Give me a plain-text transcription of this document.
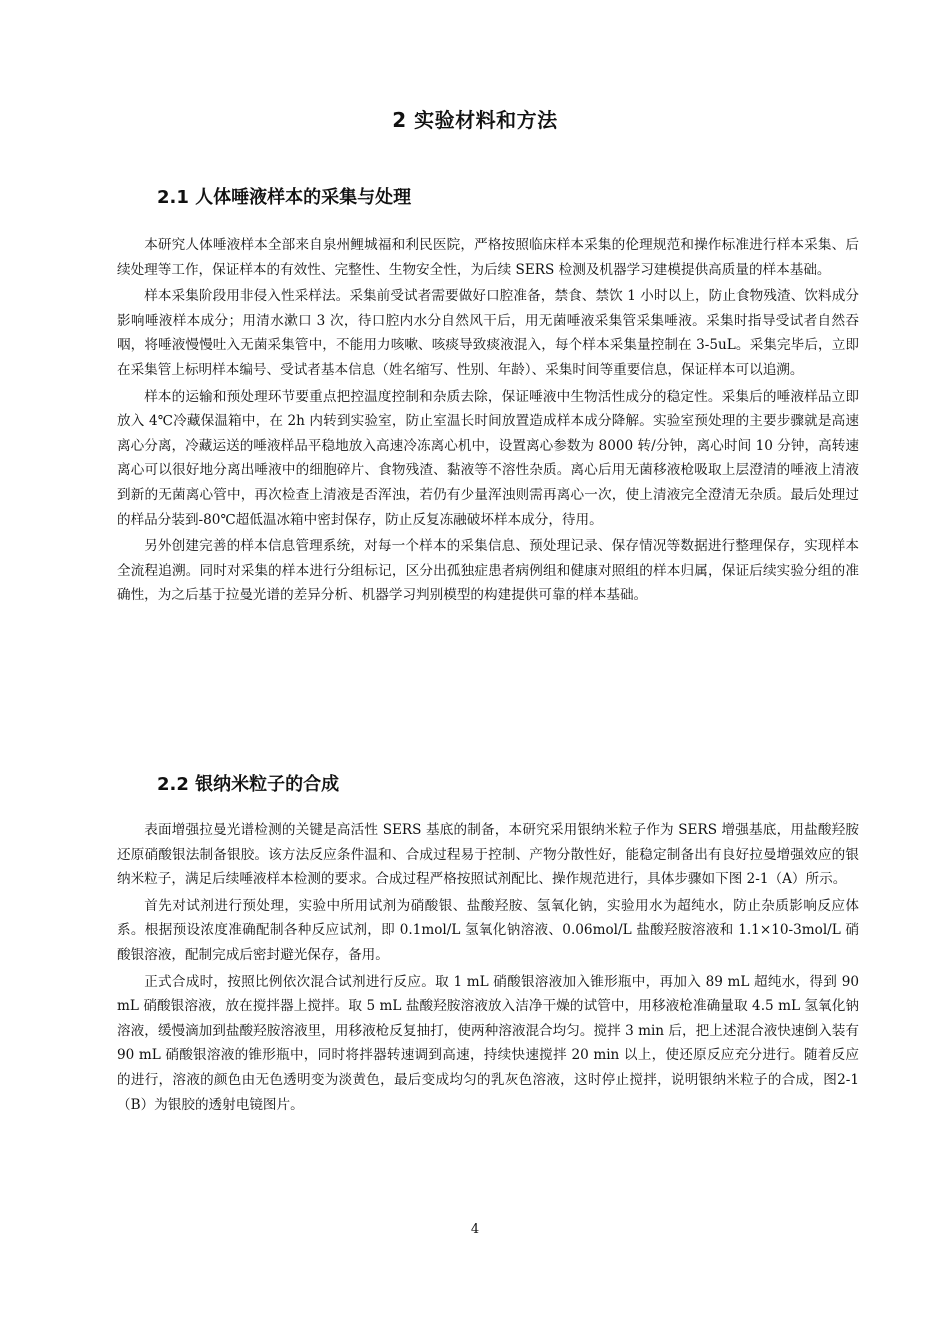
2 实验材料和方法
2.1 人体唾液样本的采集与处理

本研究人体唾液样本全部来自泉州鲤城福和利民医院，严格按照临床样本采集的伦理规范和操作标准进行样本采集、后续处理等工作，保证样本的有效性、完整性、生物安全性，为后续 SERS 检测及机器学习建模提供高质量的样本基础。

样本采集阶段用非侵入性采样法。采集前受试者需要做好口腔准备，禁食、禁饮 1 小时以上，防止食物残渣、饮料成分影响唾液样本成分；用清水漱口 3 次，待口腔内水分自然风干后，用无菌唾液采集管采集唾液。采集时指导受试者自然吞咽，将唾液慢慢吐入无菌采集管中，不能用力咳嗽、咳痰导致痰液混入，每个样本采集量控制在 3-5uL。采集完毕后，立即在采集管上标明样本编号、受试者基本信息（姓名缩写、性别、年龄）、采集时间等重要信息，保证样本可以追溯。

样本的运输和预处理环节要重点把控温度控制和杂质去除，保证唾液中生物活性成分的稳定性。采集后的唾液样品立即放入 4℃冷藏保温箱中，在 2h 内转到实验室，防止室温长时间放置造成样本成分降解。实验室预处理的主要步骤就是高速离心分离，冷藏运送的唾液样品平稳地放入高速冷冻离心机中，设置离心参数为 8000 转/分钟，离心时间 10 分钟，高转速离心可以很好地分离出唾液中的细胞碎片、食物残渣、黏液等不溶性杂质。离心后用无菌移液枪吸取上层澄清的唾液上清液到新的无菌离心管中，再次检查上清液是否浑浊，若仍有少量浑浊则需再离心一次，使上清液完全澄清无杂质。最后处理过的样品分装到-80℃超低温冰箱中密封保存，防止反复冻融破坏样本成分，待用。

另外创建完善的样本信息管理系统，对每一个样本的采集信息、预处理记录、保存情况等数据进行整理保存，实现样本全流程追溯。同时对采集的样本进行分组标记，区分出孤独症患者病例组和健康对照组的样本归属，保证后续实验分组的准确性，为之后基于拉曼光谱的差异分析、机器学习判别模型的构建提供可靠的样本基础。

2.2 银纳米粒子的合成

表面增强拉曼光谱检测的关键是高活性 SERS 基底的制备，本研究采用银纳米粒子作为 SERS 增强基底，用盐酸羟胺还原硝酸银法制备银胶。该方法反应条件温和、合成过程易于控制、产物分散性好，能稳定制备出有良好拉曼增强效应的银纳米粒子，满足后续唾液样本检测的要求。合成过程严格按照试剂配比、操作规范进行，具体步骤如下图 2-1（A）所示。

首先对试剂进行预处理，实验中所用试剂为硝酸银、盐酸羟胺、氢氧化钠，实验用水为超纯水，防止杂质影响反应体系。根据预设浓度准确配制各种反应试剂，即 0.1mol/L 氢氧化钠溶液、0.06mol/L 盐酸羟胺溶液和 1.1×10-3mol/L 硝酸银溶液，配制完成后密封避光保存，备用。

正式合成时，按照比例依次混合试剂进行反应。取 1 mL 硝酸银溶液加入锥形瓶中，再加入 89 mL 超纯水，得到 90 mL 硝酸银溶液，放在搅拌器上搅拌。取 5 mL 盐酸羟胺溶液放入洁净干燥的试管中，用移液枪准确量取 4.5 mL 氢氧化钠溶液，缓慢滴加到盐酸羟胺溶液里，用移液枪反复抽打，使两种溶液混合均匀。搅拌 3 min 后，把上述混合液快速倒入装有 90 mL 硝酸银溶液的锥形瓶中，同时将拌器转速调到高速，持续快速搅拌 20 min 以上，使还原反应充分进行。随着反应的进行，溶液的颜色由无色透明变为淡黄色，最后变成均匀的乳灰色溶液，这时停止搅拌，说明银纳米粒子的合成，图2-1（B）为银胶的透射电镜图片。

4
